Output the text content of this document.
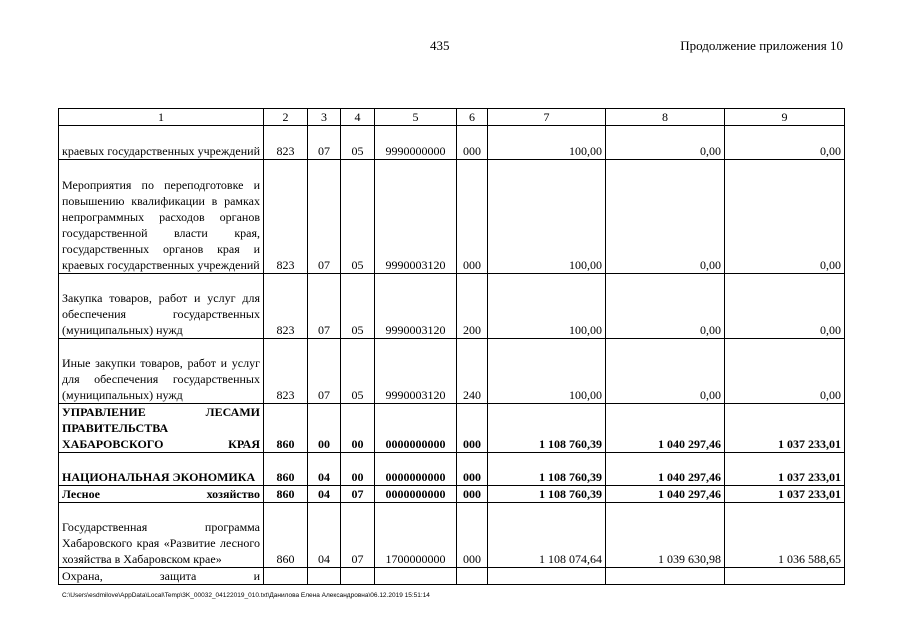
435	Продолжение приложения 10
1	2	3	4	5	6	7	8	9
краевых государственных учреждений	823	07	05	9990000000	000	100,00	0,00	0,00
Мероприятия по переподготовке и повышению квалификации в рамках непрограммных расходов органов государственной власти края, государственных органов края и краевых государственных учреждений	823	07	05	9990003120	000	100,00	0,00	0,00
Закупка товаров, работ и услуг для обеспечения государственных (муниципальных) нужд	823	07	05	9990003120	200	100,00	0,00	0,00
Иные закупки товаров, работ и услуг для обеспечения государственных (муниципальных) нужд	823	07	05	9990003120	240	100,00	0,00	0,00
УПРАВЛЕНИЕ ЛЕСАМИ ПРАВИТЕЛЬСТВА ХАБАРОВСКОГО КРАЯ	860	00	00	0000000000	000	1 108 760,39	1 040 297,46	1 037 233,01
НАЦИОНАЛЬНАЯ ЭКОНОМИКА	860	04	00	0000000000	000	1 108 760,39	1 040 297,46	1 037 233,01
Лесное хозяйство	860	04	07	0000000000	000	1 108 760,39	1 040 297,46	1 037 233,01
Государственная программа Хабаровского края «Развитие лесного хозяйства в Хабаровском крае»	860	04	07	1700000000	000	1 108 074,64	1 039 630,98	1 036 588,65
Охрана, защита и								
C:\Users\esdmilove\AppData\Local\Temp\3K_00032_04122019_010.txt\Данилова Елена Александровна\06.12.2019 15:51:14
